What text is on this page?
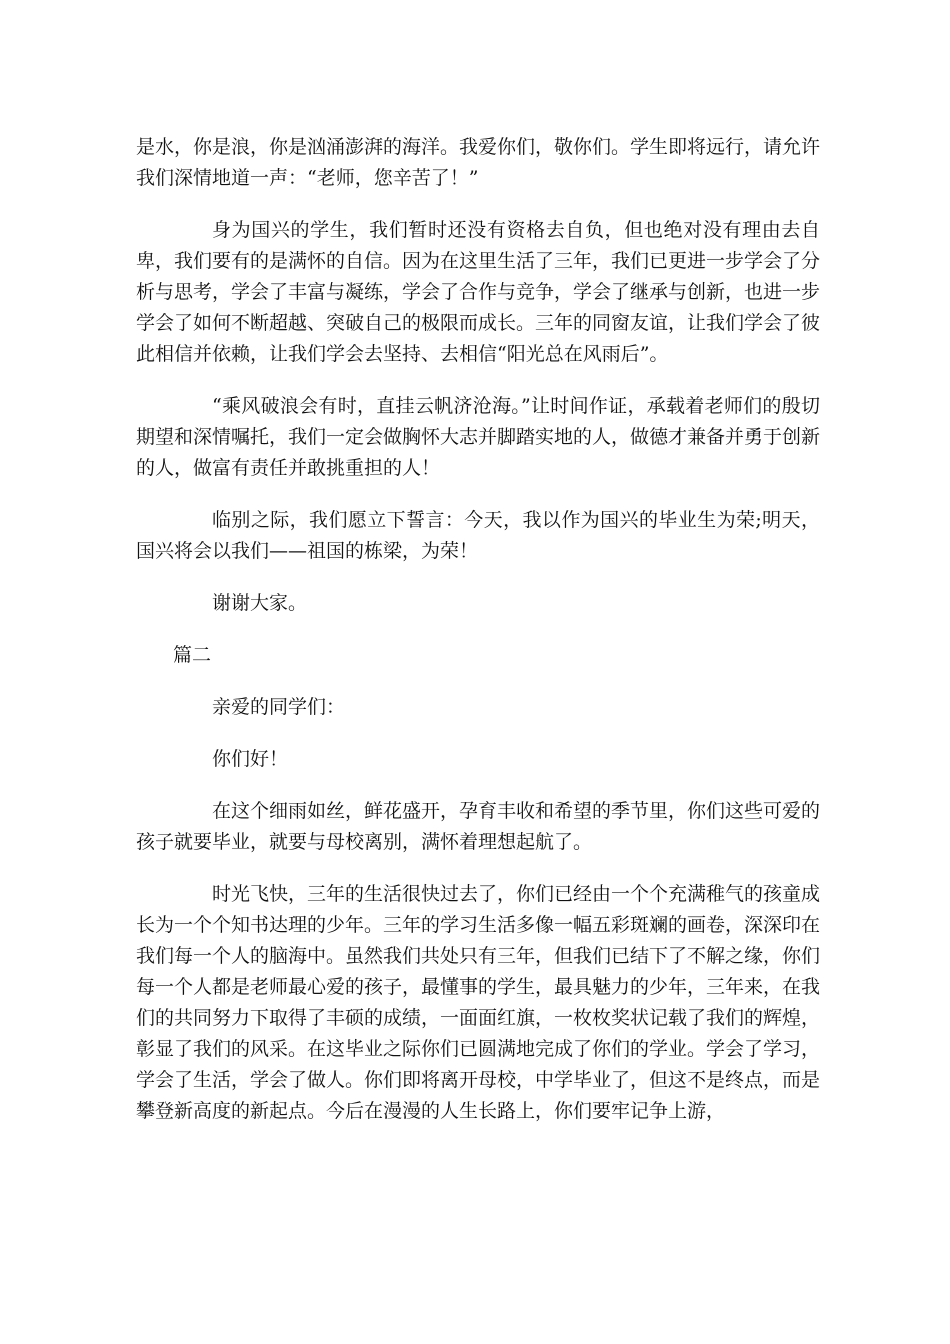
是水，你是浪，你是汹涌澎湃的海洋。我爱你们，敬你们。学生即将远行，请允许我们深情地道一声：“老师，您辛苦了！”

身为国兴的学生，我们暂时还没有资格去自负，但也绝对没有理由去自卑，我们要有的是满怀的自信。因为在这里生活了三年，我们已更进一步学会了分析与思考，学会了丰富与凝练，学会了合作与竞争，学会了继承与创新，也进一步学会了如何不断超越、突破自己的极限而成长。三年的同窗友谊，让我们学会了彼此相信并依赖，让我们学会去坚持、去相信“阳光总在风雨后”。

“乘风破浪会有时，直挂云帆济沧海。”让时间作证，承载着老师们的殷切期望和深情嘱托，我们一定会做胸怀大志并脚踏实地的人，做德才兼备并勇于创新的人，做富有责任并敢挑重担的人！

临别之际，我们愿立下誓言：今天，我以作为国兴的毕业生为荣;明天，国兴将会以我们——祖国的栋梁，为荣！

谢谢大家。

篇二

亲爱的同学们：

你们好！

在这个细雨如丝，鲜花盛开，孕育丰收和希望的季节里，你们这些可爱的孩子就要毕业，就要与母校离别，满怀着理想起航了。

时光飞快，三年的生活很快过去了，你们已经由一个个充满稚气的孩童成长为一个个知书达理的少年。三年的学习生活多像一幅五彩斑斓的画卷，深深印在我们每一个人的脑海中。虽然我们共处只有三年，但我们已结下了不解之缘，你们每一个人都是老师最心爱的孩子，最懂事的学生，最具魅力的少年，三年来，在我们的共同努力下取得了丰硕的成绩，一面面红旗，一枚枚奖状记载了我们的辉煌，彰显了我们的风采。在这毕业之际你们已圆满地完成了你们的学业。学会了学习，学会了生活，学会了做人。你们即将离开母校，中学毕业了，但这不是终点，而是攀登新高度的新起点。今后在漫漫的人生长路上，你们要牢记争上游，
